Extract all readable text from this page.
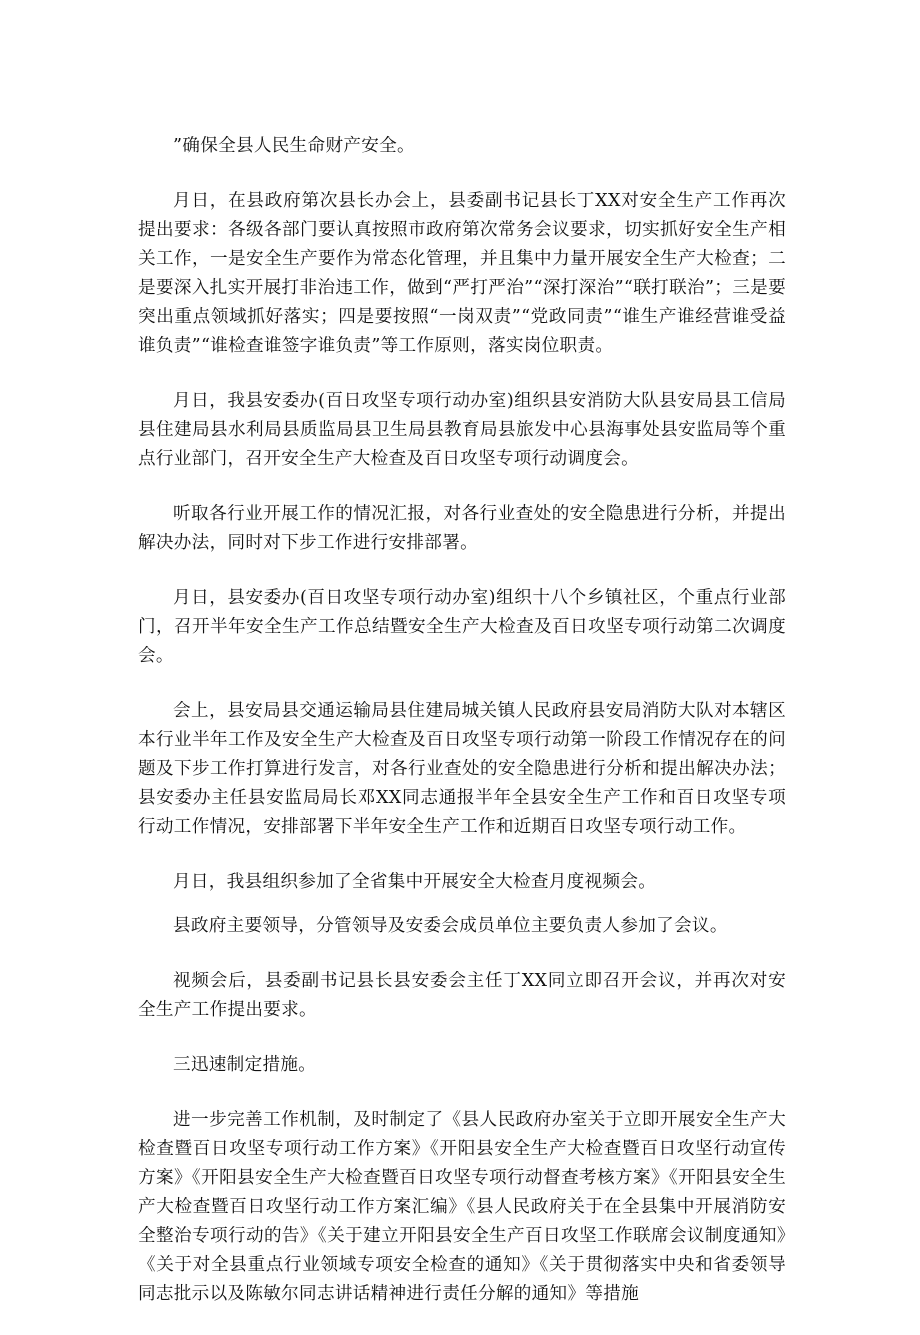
”确保全县人民生命财产安全。

月日，在县政府第次县长办会上，县委副书记县长丁XX对安全生产工作再次提出要求：各级各部门要认真按照市政府第次常务会议要求，切实抓好安全生产相关工作，一是安全生产要作为常态化管理，并且集中力量开展安全生产大检查；二是要深入扎实开展打非治违工作，做到“严打严治”“深打深治”“联打联治”；三是要突出重点领域抓好落实；四是要按照“一岗双责”“党政同责”“谁生产谁经营谁受益谁负责”“谁检查谁签字谁负责”等工作原则，落实岗位职责。

月日，我县安委办(百日攻坚专项行动办室)组织县安消防大队县安局县工信局县住建局县水利局县质监局县卫生局县教育局县旅发中心县海事处县安监局等个重点行业部门，召开安全生产大检查及百日攻坚专项行动调度会。

听取各行业开展工作的情况汇报，对各行业查处的安全隐患进行分析，并提出解决办法，同时对下步工作进行安排部署。

月日，县安委办(百日攻坚专项行动办室)组织十八个乡镇社区，个重点行业部门，召开半年安全生产工作总结暨安全生产大检查及百日攻坚专项行动第二次调度会。

会上，县安局县交通运输局县住建局城关镇人民政府县安局消防大队对本辖区本行业半年工作及安全生产大检查及百日攻坚专项行动第一阶段工作情况存在的问题及下步工作打算进行发言，对各行业查处的安全隐患进行分析和提出解决办法；县安委办主任县安监局局长邓XX同志通报半年全县安全生产工作和百日攻坚专项行动工作情况，安排部署下半年安全生产工作和近期百日攻坚专项行动工作。

月日，我县组织参加了全省集中开展安全大检查月度视频会。

县政府主要领导，分管领导及安委会成员单位主要负责人参加了会议。

视频会后，县委副书记县长县安委会主任丁XX同立即召开会议，并再次对安全生产工作提出要求。

三迅速制定措施。

进一步完善工作机制，及时制定了《县人民政府办室关于立即开展安全生产大检查暨百日攻坚专项行动工作方案》《开阳县安全生产大检查暨百日攻坚行动宣传方案》《开阳县安全生产大检查暨百日攻坚专项行动督查考核方案》《开阳县安全生产大检查暨百日攻坚行动工作方案汇编》《县人民政府关于在全县集中开展消防安全整治专项行动的告》《关于建立开阳县安全生产百日攻坚工作联席会议制度通知》《关于对全县重点行业领域专项安全检查的通知》《关于贯彻落实中央和省委领导同志批示以及陈敏尔同志讲话精神进行责任分解的通知》等措施
